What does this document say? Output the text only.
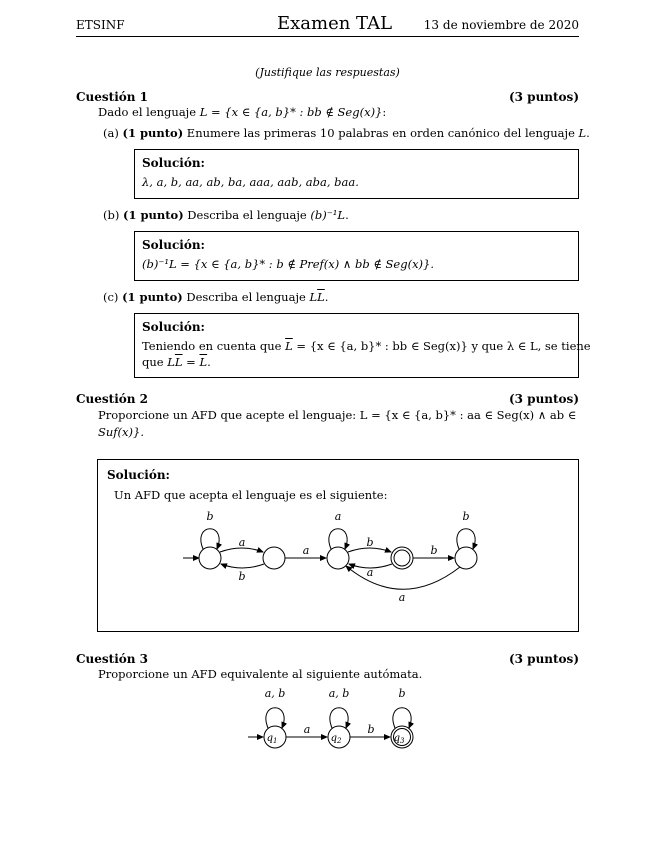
ETSINF	Examen TAL	13 de noviembre de 2020
(Justifique las respuestas)
Cuestión 1	(3 puntos)
Dado el lenguaje L = {x ∈ {a, b}* : bb ∉ Seg(x)}:
(a) (1 punto) Enumere las primeras 10 palabras en orden canónico del lenguaje L.
Solución:
λ, a, b, aa, ab, ba, aaa, aab, aba, baa.
(b) (1 punto) Describa el lenguaje (b)⁻¹L.
Solución:
(b)⁻¹L = {x ∈ {a, b}* : b ∉ Pref(x) ∧ bb ∉ Seg(x)}.
(c) (1 punto) Describa el lenguaje $L\overline{L}$.
Solución:
Teniendo en cuenta que $\overline{L} = \{x$ ∈ {a, b}* : bb ∈ Seg(x)} y que λ ∈ L, se tiene
que $L\overline{L} = \overline{L}$.
Cuestión 2	(3 puntos)
Proporcione un AFD que acepte el lenguaje: L = {x ∈ {a, b}* : aa ∈ Seg(x) ∧ ab ∈
Suf(x)}.
Solución:
Un AFD que acepta el lenguaje es el siguiente:
b
a
b
a
a
b
a
b
b
a
Cuestión 3	(3 puntos)
Proporcione un AFD equivalente al siguiente autómata.
a, b	a, b	b
a	b
$q_1$	$q_2$	$q_3$
